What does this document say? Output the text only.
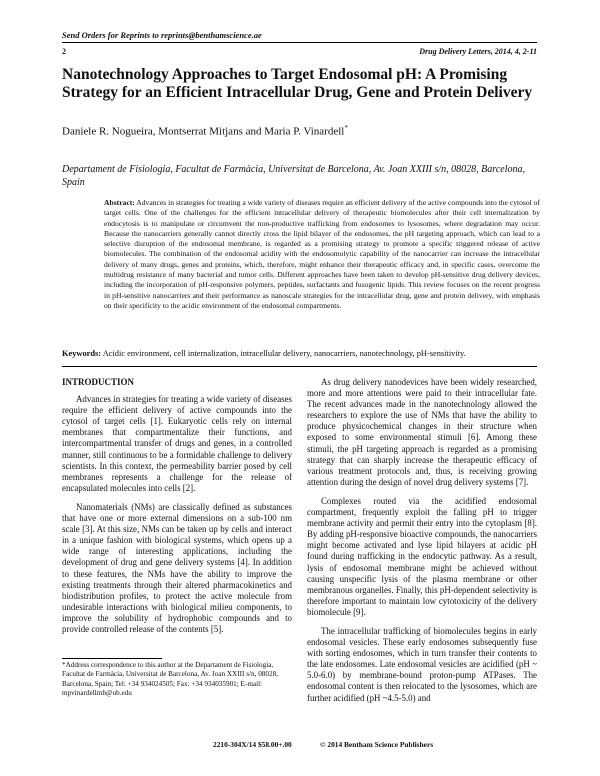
Send Orders for Reprints to reprints@benthamscience.ae
2	Drug Delivery Letters, 2014, 4, 2-11
Nanotechnology Approaches to Target Endosomal pH: A Promising Strategy for an Efficient Intracellular Drug, Gene and Protein Delivery
Daniele R. Nogueira, Montserrat Mitjans and Maria P. Vinardell*
Departament de Fisiologia, Facultat de Farmàcia, Universitat de Barcelona, Av. Joan XXIII s/n, 08028, Barcelona, Spain
Abstract: Advances in strategies for treating a wide variety of diseases require an efficient delivery of the active compounds into the cytosol of target cells. One of the challenges for the efficient intracellular delivery of therapeutic biomolecules after their cell internalization by endocytosis is to manipulate or circumvent the non-productive trafficking from endosomes to lysosomes, where degradation may occur. Because the nanocarriers generally cannot directly cross the lipid bilayer of the endosomes, the pH targeting approach, which can lead to a selective disruption of the endosomal membrane, is regarded as a promising strategy to promote a specific triggered release of active biomolecules. The combination of the endosomal acidity with the endosomolytic capability of the nanocarrier can increase the intracellular delivery of many drugs, genes and proteins, which, therefore, might enhance their therapeutic efficacy and, in specific cases, overcome the multidrug resistance of many bacterial and tumor cells. Different approaches have been taken to develop pH-sensitive drug delivery devices, including the incorporation of pH-responsive polymers, peptides, surfactants and fusogenic lipids. This review focuses on the recent progress in pH-sensitive nanocarriers and their performance as nanoscale strategies for the intracellular drug, gene and protein delivery, with emphasis on their specificity to the acidic environment of the endosomal compartments.
Keywords: Acidic environment, cell internalization, intracellular delivery, nanocarriers, nanotechnology, pH-sensitivity.
INTRODUCTION

Advances in strategies for treating a wide variety of diseases require the efficient delivery of active compounds into the cytosol of target cells [1]. Eukaryotic cells rely on internal membranes that compartmentalize their functions, and intercompartmental transfer of drugs and genes, in a controlled manner, still continuous to be a formidable challenge to delivery scientists. In this context, the permeability barrier posed by cell membranes represents a challenge for the release of encapsulated molecules into cells [2].

Nanomaterials (NMs) are classically defined as substances that have one or more external dimensions on a sub-100 nm scale [3]. At this size, NMs can be taken up by cells and interact in a unique fashion with biological systems, which opens up a wide range of interesting applications, including the development of drug and gene delivery systems [4]. In addition to these features, the NMs have the ability to improve the existing treatments through their altered pharmacokinetics and biodistribution profiles, to protect the active molecule from undesirable interactions with biological milieu components, to improve the solubility of hydrophobic compounds and to provide controlled release of the contents [5].

As drug delivery nanodevices have been widely researched, more and more attentions were paid to their intracellular fate. The recent advances made in the nanotechnology allowed the researchers to explore the use of NMs that have the ability to produce physicochemical changes in their structure when exposed to some environmental stimuli [6]. Among these stimuli, the pH targeting approach is regarded as a promising strategy that can sharply increase the therapeutic efficacy of various treatment protocols and, thus, is receiving growing attention during the design of novel drug delivery systems [7].

Complexes routed via the acidified endosomal compartment, frequently exploit the falling pH to trigger membrane activity and permit their entry into the cytoplasm [8]. By adding pH-responsive bioactive compounds, the nanocarriers might become activated and lyse lipid bilayers at acidic pH found during trafficking in the endocytic pathway. As a result, lysis of endosomal membrane might be achieved without causing unspecific lysis of the plasma membrane or other membranous organelles. Finally, this pH-dependent selectivity is therefore important to maintain low cytotoxicity of the delivery biomolecule [9].

The intracellular trafficking of biomolecules begins in early endosomal vesicles. These early endosomes subsequently fuse with sorting endosomes, which in turn transfer their contents to the late endosomes. Late endosomal vesicles are acidified (pH ~ 5.0-6.0) by membrane-bound proton-pump ATPases. The endosomal content is then relocated to the lysosomes, which are further acidified (pH ~4.5-5.0) and

*Address correspondence to this author at the Departament de Fisiologia, Facultat de Farmàcia, Universitat de Barcelona, Av. Joan XXIII s/n, 08028, Barcelona, Spain; Tel: +34 934024505; Fax: +34 934035901; E-mail: mpvinardellmh@ub.edu
2210-304X/14 $58.00+.00	© 2014 Bentham Science Publishers
